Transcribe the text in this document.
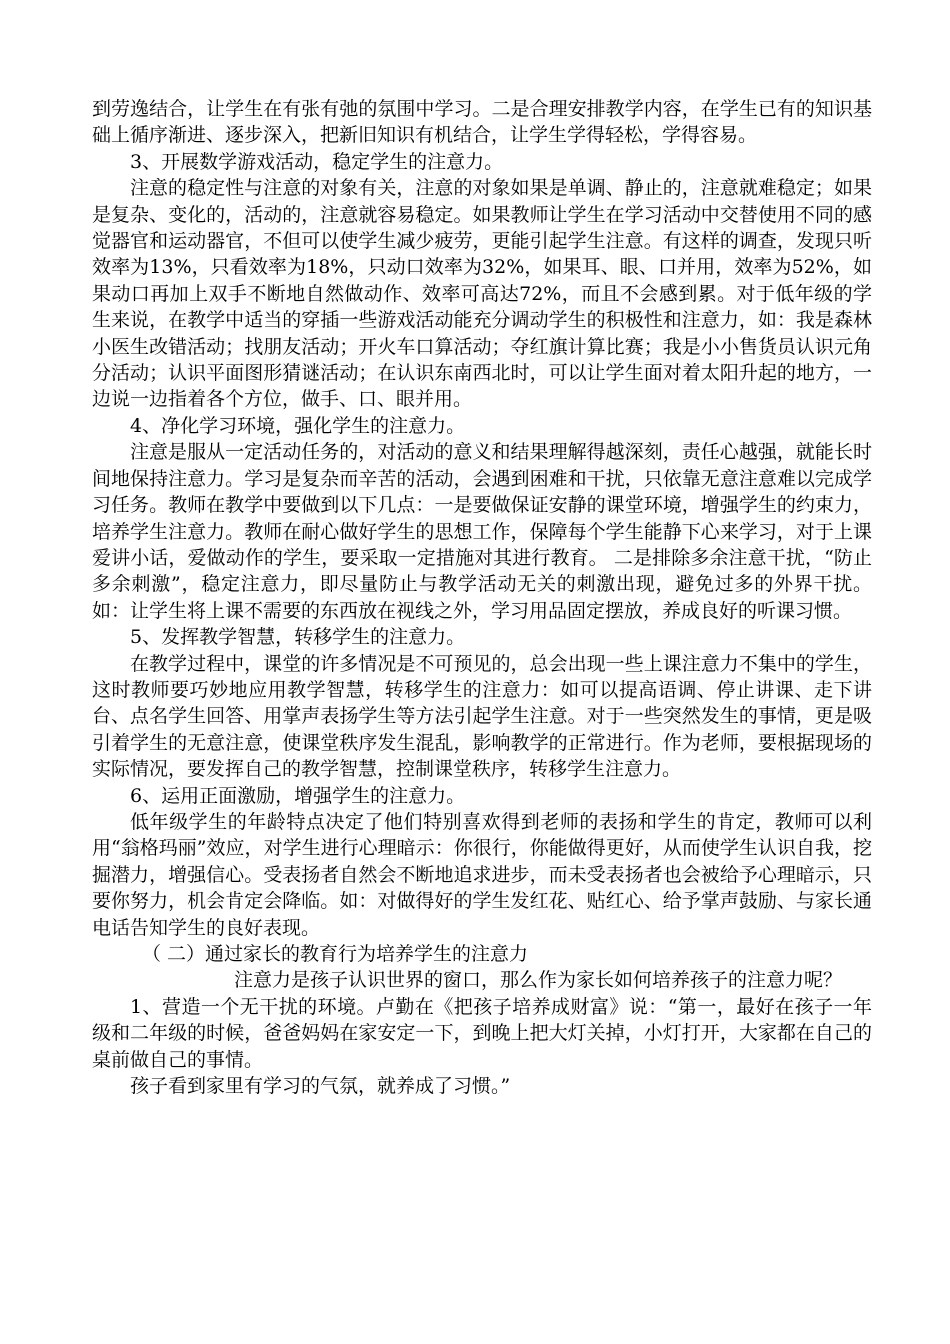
到劳逸结合，让学生在有张有弛的氛围中学习。二是合理安排教学内容，在学生已有的知识基础上循序渐进、逐步深入，把新旧知识有机结合，让学生学得轻松，学得容易。

3、开展数学游戏活动，稳定学生的注意力。

注意的稳定性与注意的对象有关，注意的对象如果是单调、静止的，注意就难稳定；如果是复杂、变化的，活动的，注意就容易稳定。如果教师让学生在学习活动中交替使用不同的感觉器官和运动器官，不但可以使学生减少疲劳，更能引起学生注意。有这样的调查，发现只听效率为13%，只看效率为18%，只动口效率为32%，如果耳、眼、口并用，效率为52%，如果动口再加上双手不断地自然做动作、效率可高达72%，而且不会感到累。对于低年级的学生来说，在教学中适当的穿插一些游戏活动能充分调动学生的积极性和注意力，如：我是森林小医生改错活动；找朋友活动；开火车口算活动；夺红旗计算比赛；我是小小售货员认识元角分活动；认识平面图形猜谜活动；在认识东南西北时，可以让学生面对着太阳升起的地方，一边说一边指着各个方位，做手、口、眼并用。

4、净化学习环境，强化学生的注意力。

注意是服从一定活动任务的，对活动的意义和结果理解得越深刻，责任心越强，就能长时间地保持注意力。学习是复杂而辛苦的活动，会遇到困难和干扰，只依靠无意注意难以完成学习任务。教师在教学中要做到以下几点：一是要做保证安静的课堂环境，增强学生的约束力，培养学生注意力。教师在耐心做好学生的思想工作，保障每个学生能静下心来学习，对于上课爱讲小话，爱做动作的学生，要采取一定措施对其进行教育。 二是排除多余注意干扰，“防止多余刺激”，稳定注意力，即尽量防止与教学活动无关的刺激出现，避免过多的外界干扰。如：让学生将上课不需要的东西放在视线之外，学习用品固定摆放，养成良好的听课习惯。

5、发挥教学智慧，转移学生的注意力。

在教学过程中，课堂的许多情况是不可预见的，总会出现一些上课注意力不集中的学生，这时教师要巧妙地应用教学智慧，转移学生的注意力：如可以提高语调、停止讲课、走下讲台、点名学生回答、用掌声表扬学生等方法引起学生注意。对于一些突然发生的事情，更是吸引着学生的无意注意，使课堂秩序发生混乱，影响教学的正常进行。作为老师，要根据现场的实际情况，要发挥自己的教学智慧，控制课堂秩序，转移学生注意力。

6、运用正面激励，增强学生的注意力。

低年级学生的年龄特点决定了他们特别喜欢得到老师的表扬和学生的肯定，教师可以利用“翁格玛丽”效应，对学生进行心理暗示：你很行，你能做得更好，从而使学生认识自我，挖掘潜力，增强信心。受表扬者自然会不断地追求进步，而未受表扬者也会被给予心理暗示，只要你努力，机会肯定会降临。如：对做得好的学生发红花、贴红心、给予掌声鼓励、与家长通电话告知学生的良好表现。

（ 二）通过家长的教育行为培养学生的注意力

注意力是孩子认识世界的窗口，那么作为家长如何培养孩子的注意力呢？

1、营造一个无干扰的环境。卢勤在《把孩子培养成财富》说：“第一，最好在孩子一年级和二年级的时候，爸爸妈妈在家安定一下，到晚上把大灯关掉，小灯打开，大家都在自己的桌前做自己的事情。

孩子看到家里有学习的气氛，就养成了习惯。”
